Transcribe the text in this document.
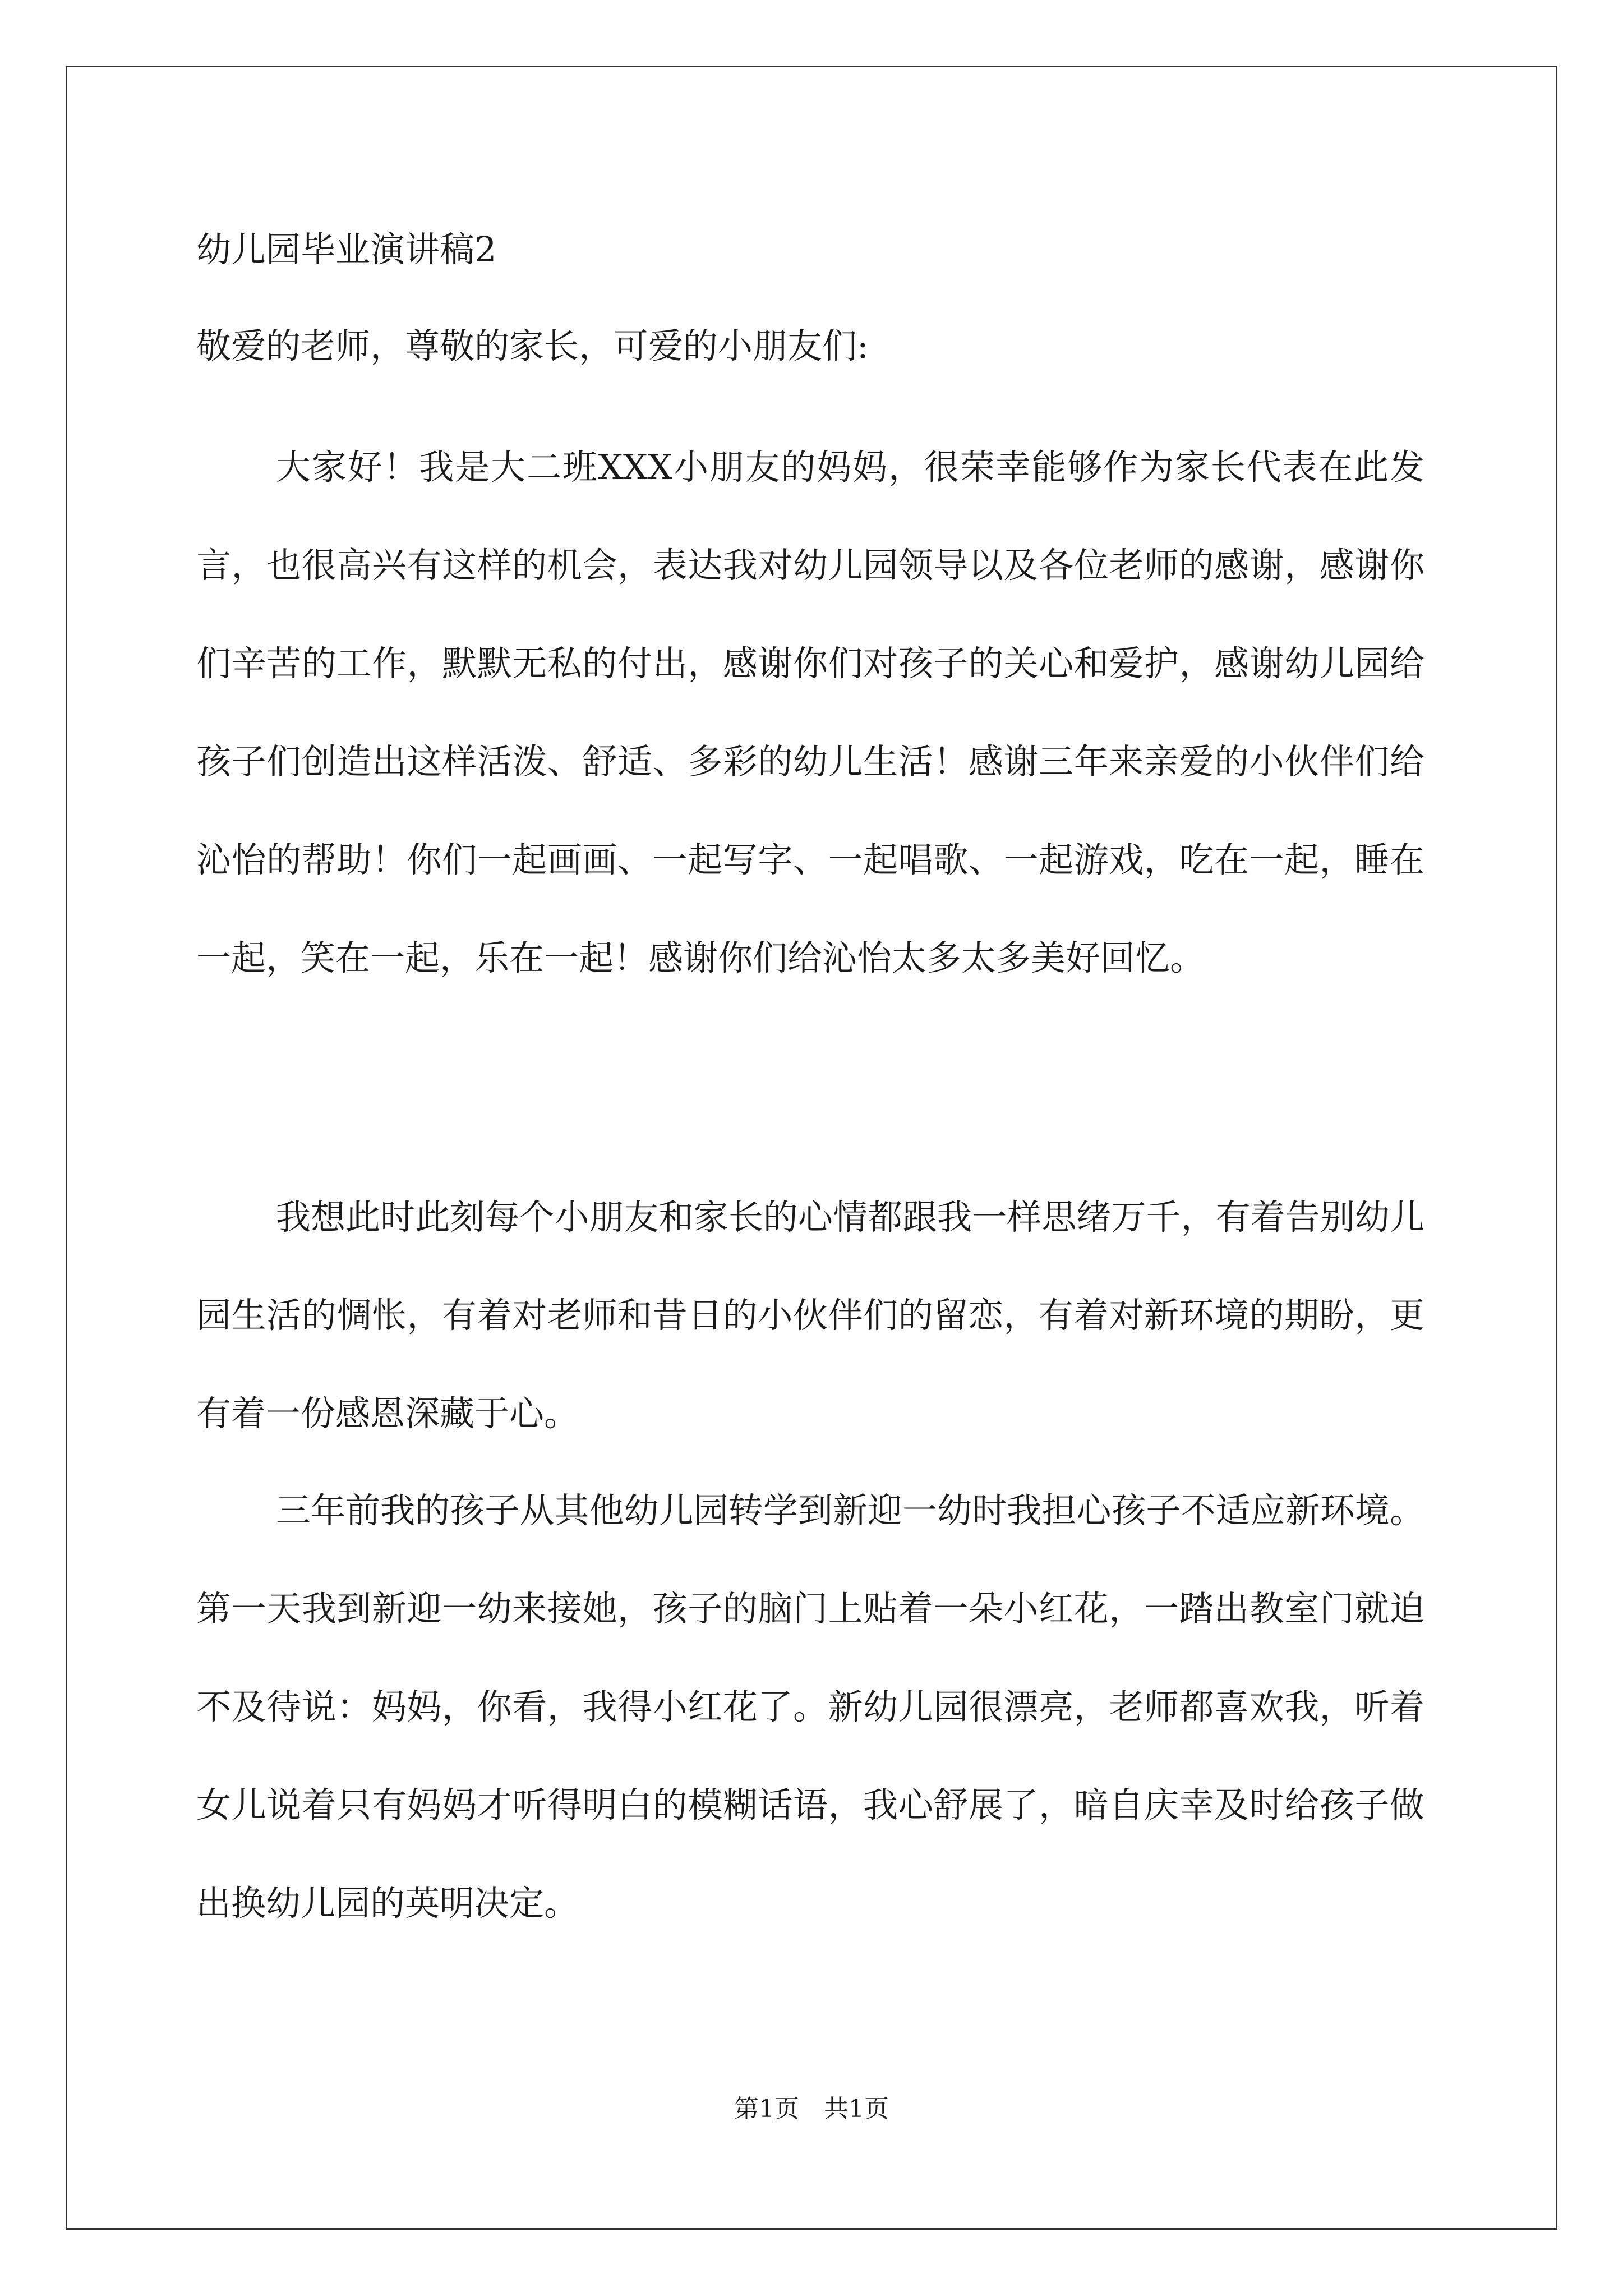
幼儿园毕业演讲稿2
敬爱的老师，尊敬的家长，可爱的小朋友们:

大家好！我是大二班XXX小朋友的妈妈，很荣幸能够作为家长代表在此发言，也很高兴有这样的机会，表达我对幼儿园领导以及各位老师的感谢，感谢你们辛苦的工作，默默无私的付出，感谢你们对孩子的关心和爱护，感谢幼儿园给孩子们创造出这样活泼、舒适、多彩的幼儿生活！感谢三年来亲爱的小伙伴们给沁怡的帮助！你们一起画画、一起写字、一起唱歌、一起游戏，吃在一起，睡在一起，笑在一起，乐在一起！感谢你们给沁怡太多太多美好回忆。

我想此时此刻每个小朋友和家长的心情都跟我一样思绪万千，有着告别幼儿园生活的惆怅，有着对老师和昔日的小伙伴们的留恋，有着对新环境的期盼，更有着一份感恩深藏于心。

三年前我的孩子从其他幼儿园转学到新迎一幼时我担心孩子不适应新环境。第一天我到新迎一幼来接她，孩子的脑门上贴着一朵小红花，一踏出教室门就迫不及待说：妈妈，你看，我得小红花了。新幼儿园很漂亮，老师都喜欢我，听着女儿说着只有妈妈才听得明白的模糊话语，我心舒展了，暗自庆幸及时给孩子做出换幼儿园的英明决定。

第1页　共1页
